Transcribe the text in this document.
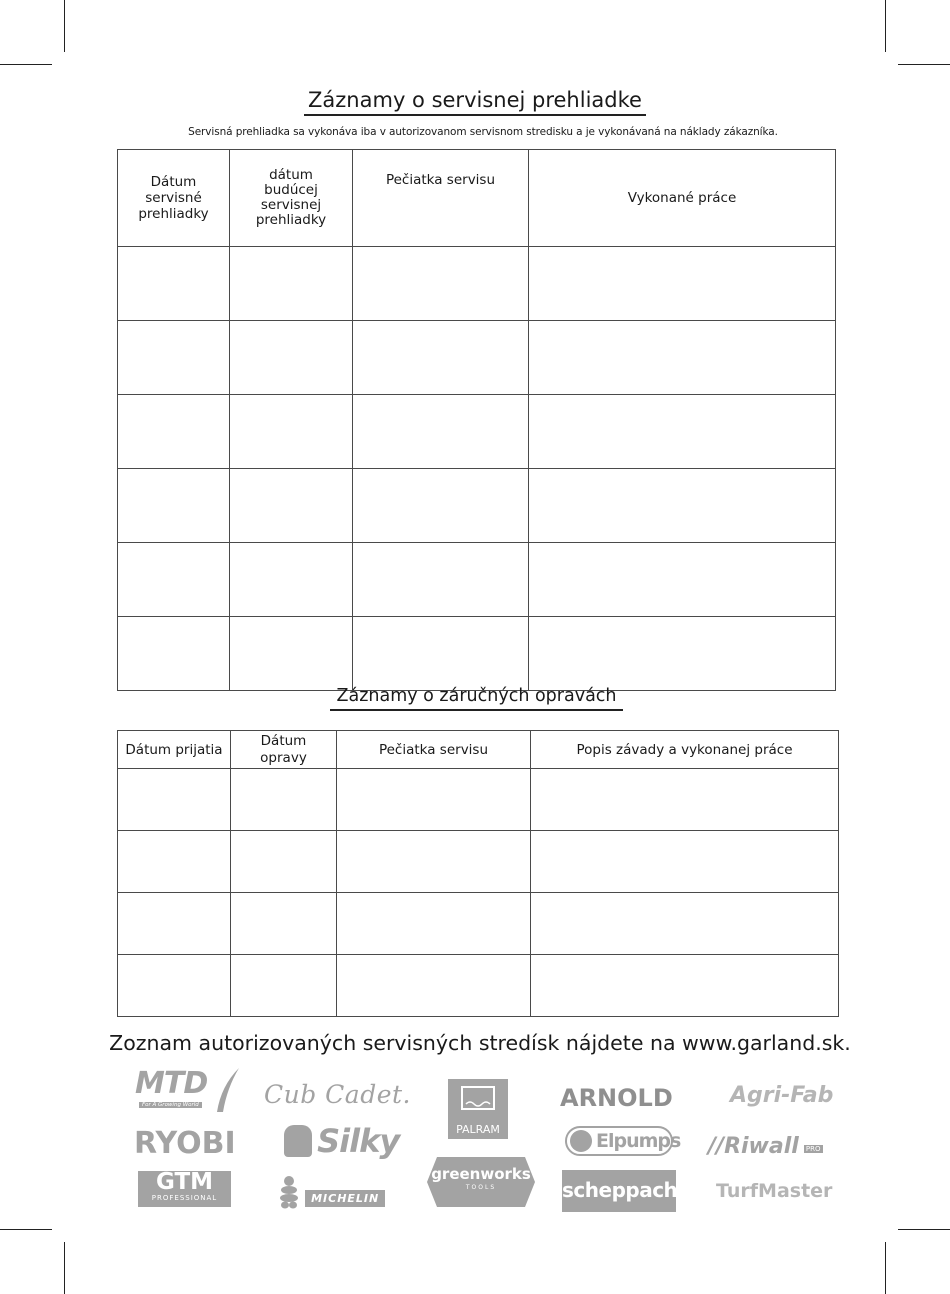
Záznamy o servisnej prehliadke
Servisná prehliadka sa vykonáva iba v autorizovanom servisnom stredisku a je vykonávaná na náklady zákazníka.
Dátum
servisné
prehliadky	dátum
budúcej
servisnej
prehliadky	Pečiatka servisu	Vykonané práce

Záznamy o záručných opravách
Dátum prijatia	Dátum
opravy	Pečiatka servisu	Popis závady a vykonanej práce

Zoznam autorizovaných servisných stredísk nájdete na www.garland.sk.
MTD
For A Growing World	Cub Cadet.
PALRAM
ARNOLD	Agri-Fab
RYOBI	Silky	Elpumps //Riwall PRO
GTM
PROFESSIONAL	MICHELIN
greenworks
TOOLS	scheppach TurfMaster
